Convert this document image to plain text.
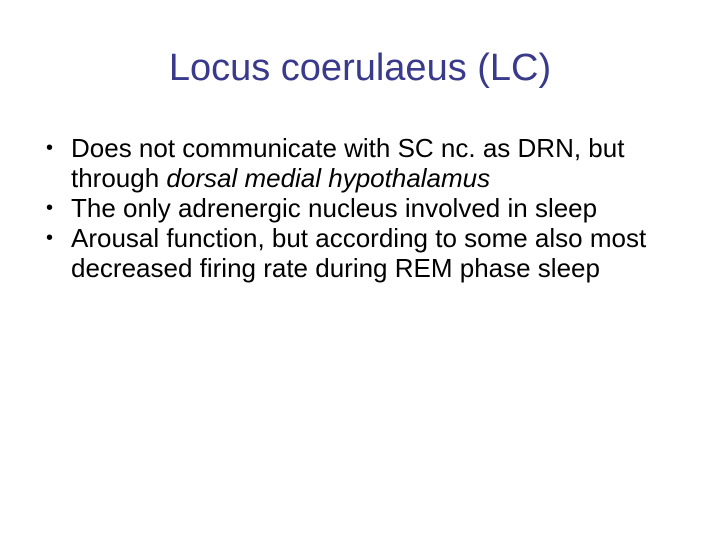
Locus coerulaeus (LC)
• Does not communicate with SC nc. as DRN, but through dorsal medial hypothalamus
• The only adrenergic nucleus involved in sleep
• Arousal function, but according to some also most decreased firing rate during REM phase sleep
